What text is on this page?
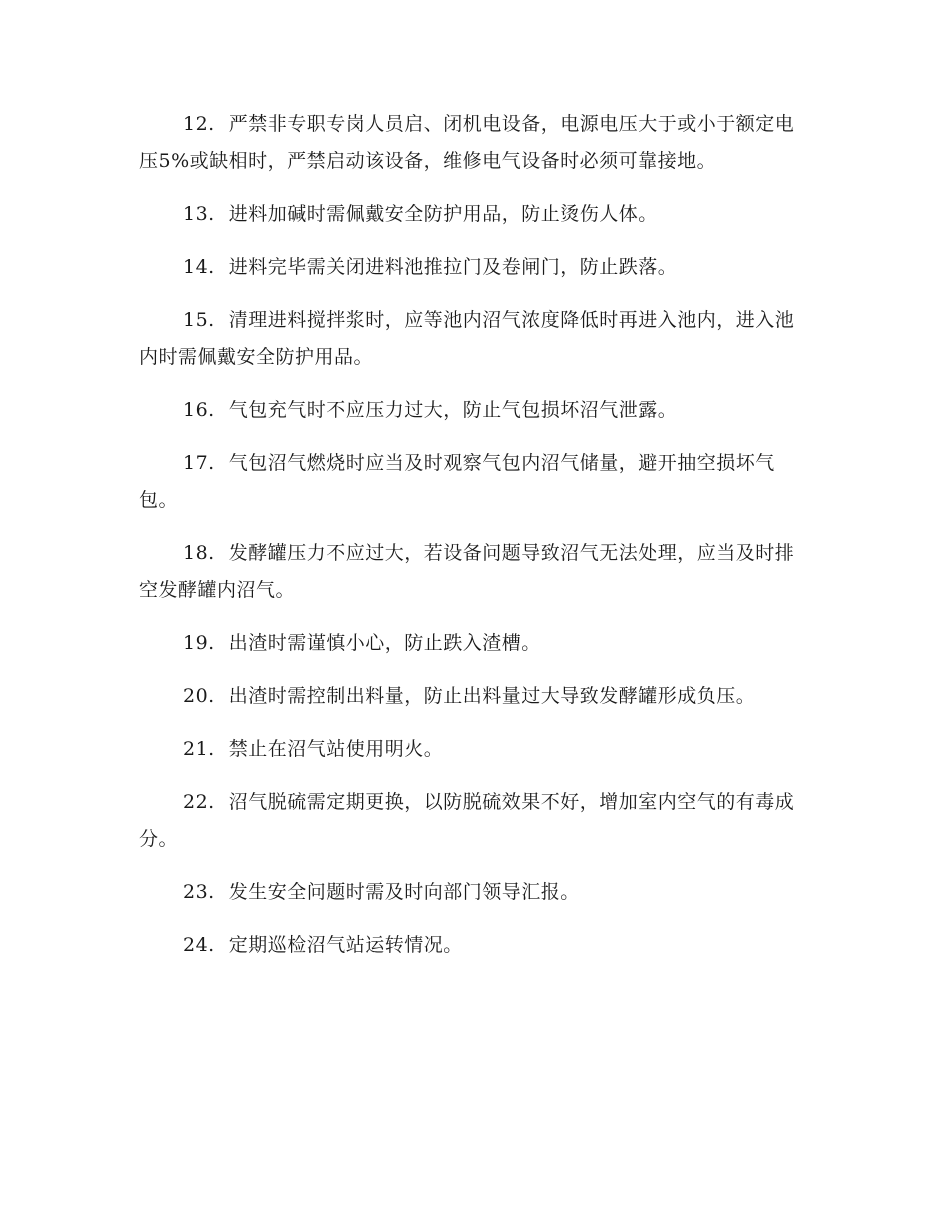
12. 严禁非专职专岗人员启、闭机电设备，电源电压大于或小于额定电压5%或缺相时，严禁启动该设备，维修电气设备时必须可靠接地。

13. 进料加碱时需佩戴安全防护用品，防止烫伤人体。

14. 进料完毕需关闭进料池推拉门及卷闸门，防止跌落。

15. 清理进料搅拌浆时，应等池内沼气浓度降低时再进入池内，进入池内时需佩戴安全防护用品。

16. 气包充气时不应压力过大，防止气包损坏沼气泄露。

17. 气包沼气燃烧时应当及时观察气包内沼气储量，避开抽空损坏气包。

18. 发酵罐压力不应过大，若设备问题导致沼气无法处理，应当及时排空发酵罐内沼气。

19. 出渣时需谨慎小心，防止跌入渣槽。

20. 出渣时需控制出料量，防止出料量过大导致发酵罐形成负压。

21. 禁止在沼气站使用明火。

22. 沼气脱硫需定期更换，以防脱硫效果不好，增加室内空气的有毒成分。

23. 发生安全问题时需及时向部门领导汇报。

24. 定期巡检沼气站运转情况。
